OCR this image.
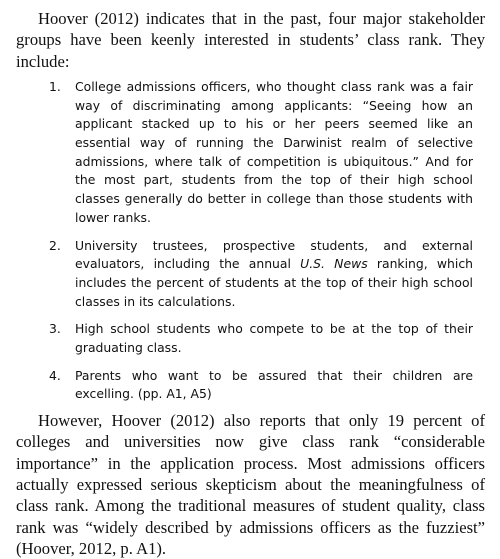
Hoover (2012) indicates that in the past, four major stakeholder groups have been keenly interested in students’ class rank. They include:

1.	College admissions officers, who thought class rank was a fair way of discriminating among applicants: “Seeing how an applicant stacked up to his or her peers seemed like an essential way of running the Darwinist realm of selective admissions, where talk of competition is ubiquitous.” And for the most part, students from the top of their high school classes generally do better in college than those students with lower ranks.
2.	University trustees, prospective students, and external evaluators, including the annual U.S. News ranking, which includes the percent of students at the top of their high school classes in its calculations.
3.	High school students who compete to be at the top of their graduating class.
4.	Parents who want to be assured that their children are excelling. (pp. A1, A5)

However, Hoover (2012) also reports that only 19 percent of colleges and universities now give class rank “considerable importance” in the application process. Most admissions officers actually expressed serious skepticism about the meaningfulness of class rank. Among the traditional measures of student quality, class rank was “widely described by admissions officers as the fuzziest” (Hoover, 2012, p. A1).
